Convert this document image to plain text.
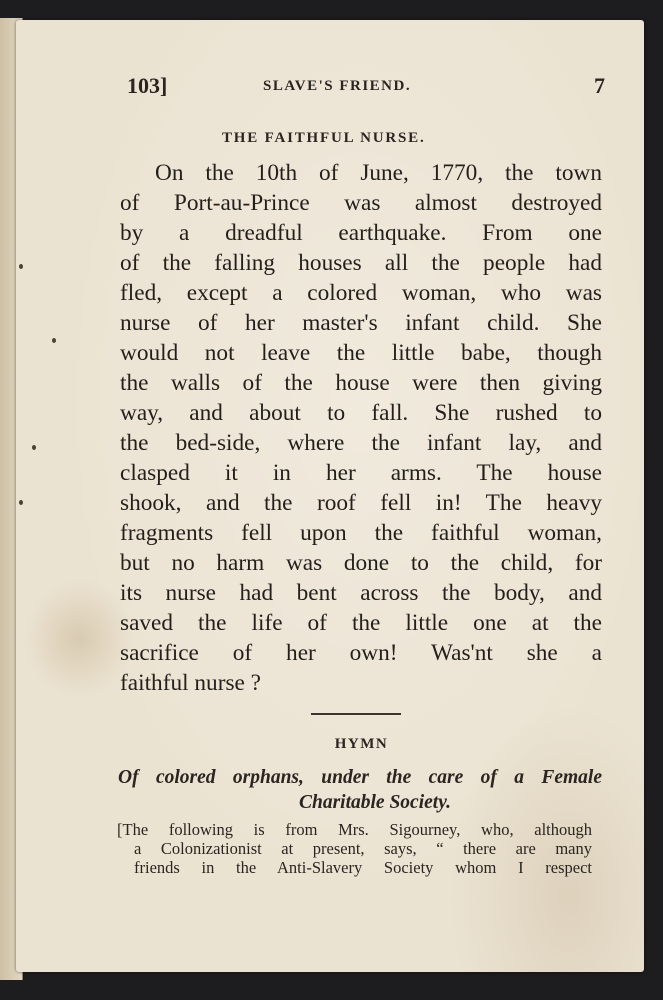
103]	SLAVE'S FRIEND.	7
THE FAITHFUL NURSE.
On the 10th of June, 1770, the town
of Port-au-Prince was almost destroyed
by a dreadful earthquake. From one
of the falling houses all the people had
fled, except a colored woman, who was
nurse of her master's infant child. She
would not leave the little babe, though
the walls of the house were then giving
way, and about to fall. She rushed to
the bed-side, where the infant lay, and
clasped it in her arms. The house
shook, and the roof fell in! The heavy
fragments fell upon the faithful woman,
but no harm was done to the child, for
its nurse had bent across the body, and
saved the life of the little one at the
sacrifice of her own! Was'nt she a
faithful nurse ?
HYMN
Of colored orphans, under the care of a Female
Charitable Society.
[The following is from Mrs. Sigourney, who, although
a Colonizationist at present, says, “ there are many
friends in the Anti-Slavery Society whom I respect
